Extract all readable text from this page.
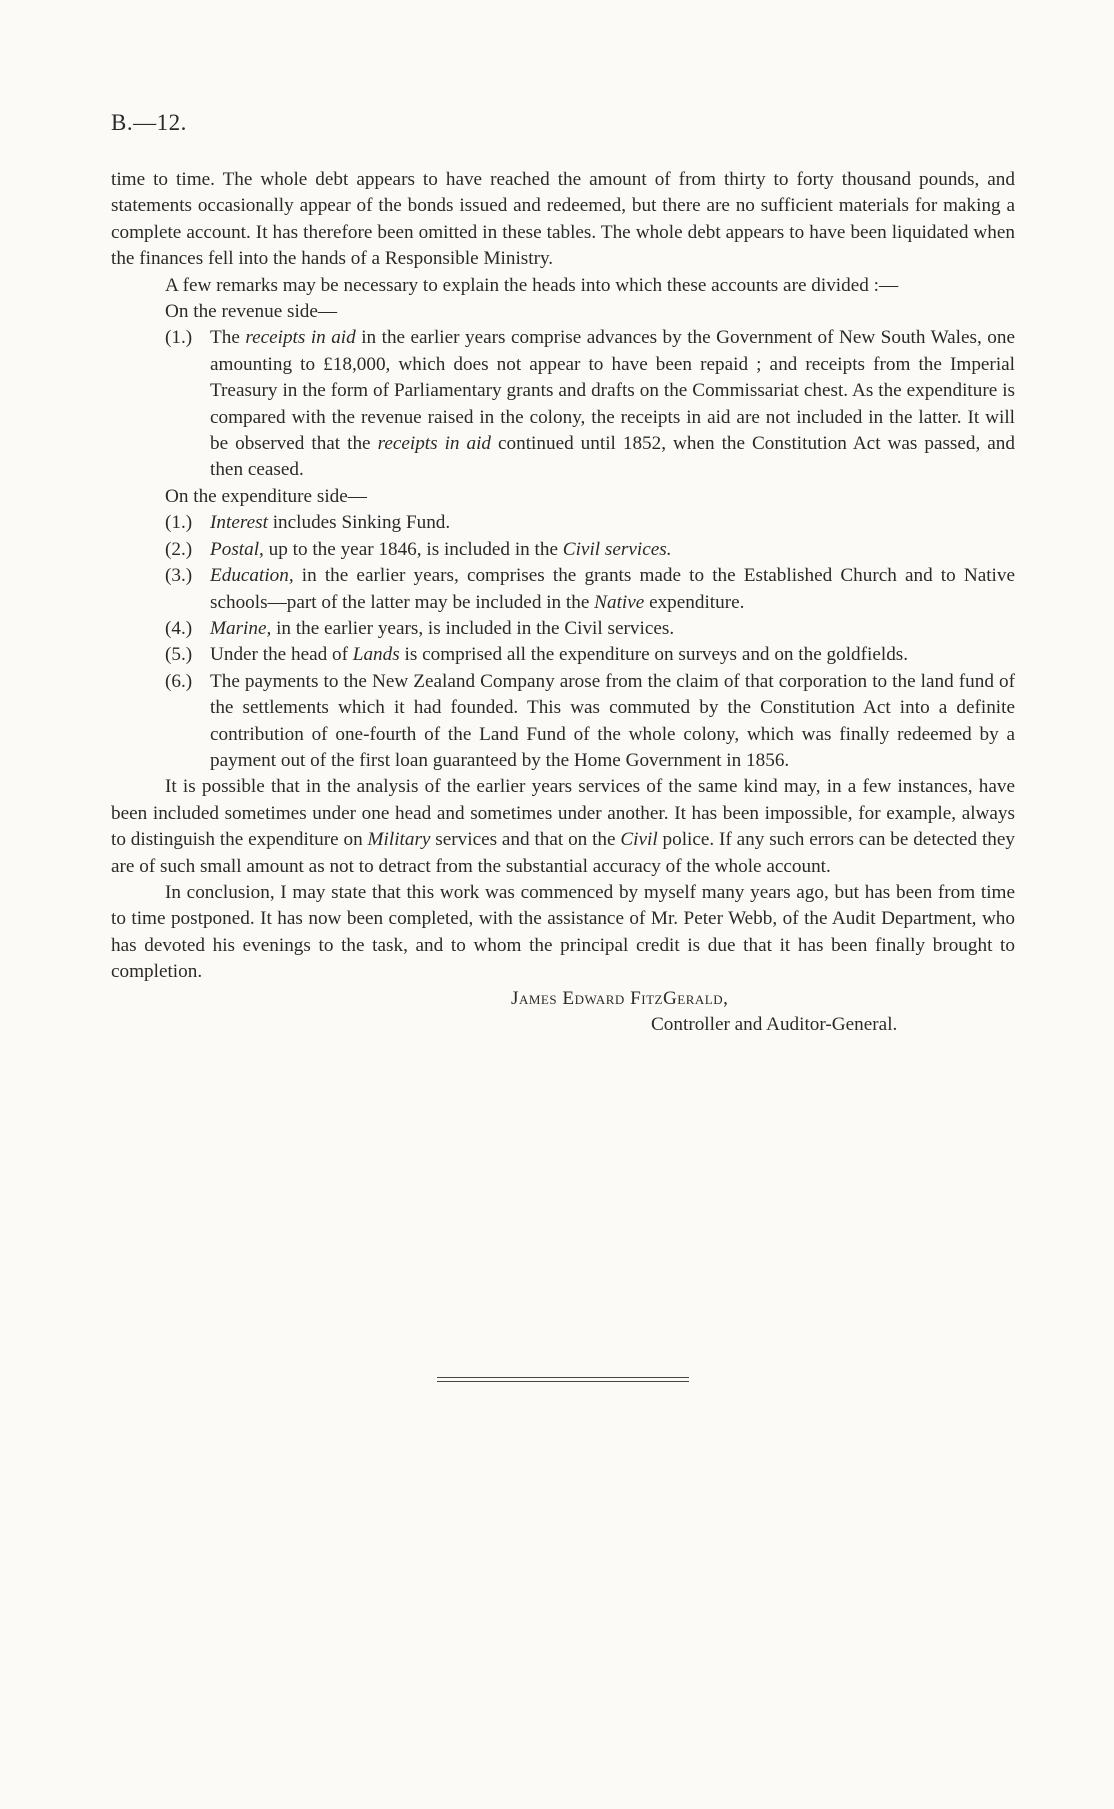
B.—12.

time to time. The whole debt appears to have reached the amount of from thirty to forty thousand pounds, and statements occasionally appear of the bonds issued and redeemed, but there are no sufficient materials for making a complete account. It has therefore been omitted in these tables. The whole debt appears to have been liquidated when the finances fell into the hands of a Responsible Ministry.

A few remarks may be necessary to explain the heads into which these accounts are divided :—

On the revenue side—

(1.) The receipts in aid in the earlier years comprise advances by the Government of New South Wales, one amounting to £18,000, which does not appear to have been repaid ; and receipts from the Imperial Treasury in the form of Parliamentary grants and drafts on the Commissariat chest. As the expenditure is compared with the revenue raised in the colony, the receipts in aid are not included in the latter. It will be observed that the receipts in aid continued until 1852, when the Constitution Act was passed, and then ceased.

On the expenditure side—

(1.) Interest includes Sinking Fund.
(2.) Postal, up to the year 1846, is included in the Civil services.
(3.) Education, in the earlier years, comprises the grants made to the Established Church and to Native schools—part of the latter may be included in the Native expenditure.
(4.) Marine, in the earlier years, is included in the Civil services.
(5.) Under the head of Lands is comprised all the expenditure on surveys and on the goldfields.
(6.) The payments to the New Zealand Company arose from the claim of that corporation to the land fund of the settlements which it had founded. This was commuted by the Constitution Act into a definite contribution of one-fourth of the Land Fund of the whole colony, which was finally redeemed by a payment out of the first loan guaranteed by the Home Government in 1856.

It is possible that in the analysis of the earlier years services of the same kind may, in a few instances, have been included sometimes under one head and sometimes under another. It has been impossible, for example, always to distinguish the expenditure on Military services and that on the Civil police. If any such errors can be detected they are of such small amount as not to detract from the substantial accuracy of the whole account.

In conclusion, I may state that this work was commenced by myself many years ago, but has been from time to time postponed. It has now been completed, with the assistance of Mr. Peter Webb, of the Audit Department, who has devoted his evenings to the task, and to whom the principal credit is due that it has been finally brought to completion.

James Edward FitzGerald,
Controller and Auditor-General.
